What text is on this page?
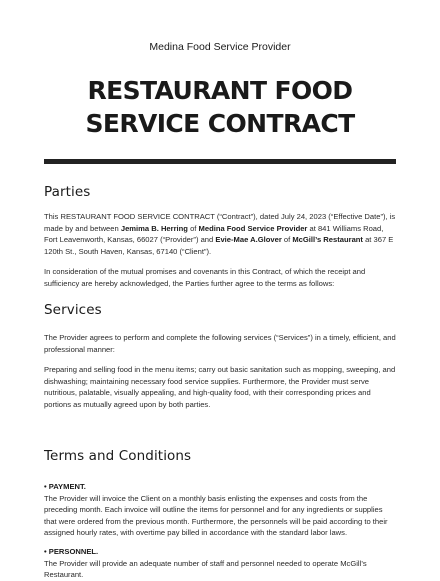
Medina Food Service Provider
RESTAURANT FOOD
SERVICE CONTRACT
Parties

This RESTAURANT FOOD SERVICE CONTRACT (“Contract”), dated July 24, 2023 (“Effective Date”), is made by and between Jemima B. Herring of Medina Food Service Provider at 841 Williams Road, Fort Leavenworth, Kansas, 66027 (“Provider”) and Evie-Mae A.Glover of McGill’s Restaurant at 367 E 120th St., South Haven, Kansas, 67140 (“Client”).

In consideration of the mutual promises and covenants in this Contract, of which the receipt and sufficiency are hereby acknowledged, the Parties further agree to the terms as follows:

Services

The Provider agrees to perform and complete the following services (“Services”) in a timely, efficient, and professional manner:

Preparing and selling food in the menu items; carry out basic sanitation such as mopping, sweeping, and dishwashing; maintaining necessary food service supplies. Furthermore, the Provider must serve nutritious, palatable, visually appealing, and high-quality food, with their corresponding prices and portions as mutually agreed upon by both parties.

Terms and Conditions

• PAYMENT.
The Provider will invoice the Client on a monthly basis enlisting the expenses and costs from the preceding month. Each invoice will outline the items for personnel and for any ingredients or supplies that were ordered from the previous month. Furthermore, the personnels will be paid according to their assigned hourly rates, with overtime pay billed in accordance with the standard labor laws.

• PERSONNEL.
The Provider will provide an adequate number of staff and personnel needed to operate McGill’s Restaurant.
